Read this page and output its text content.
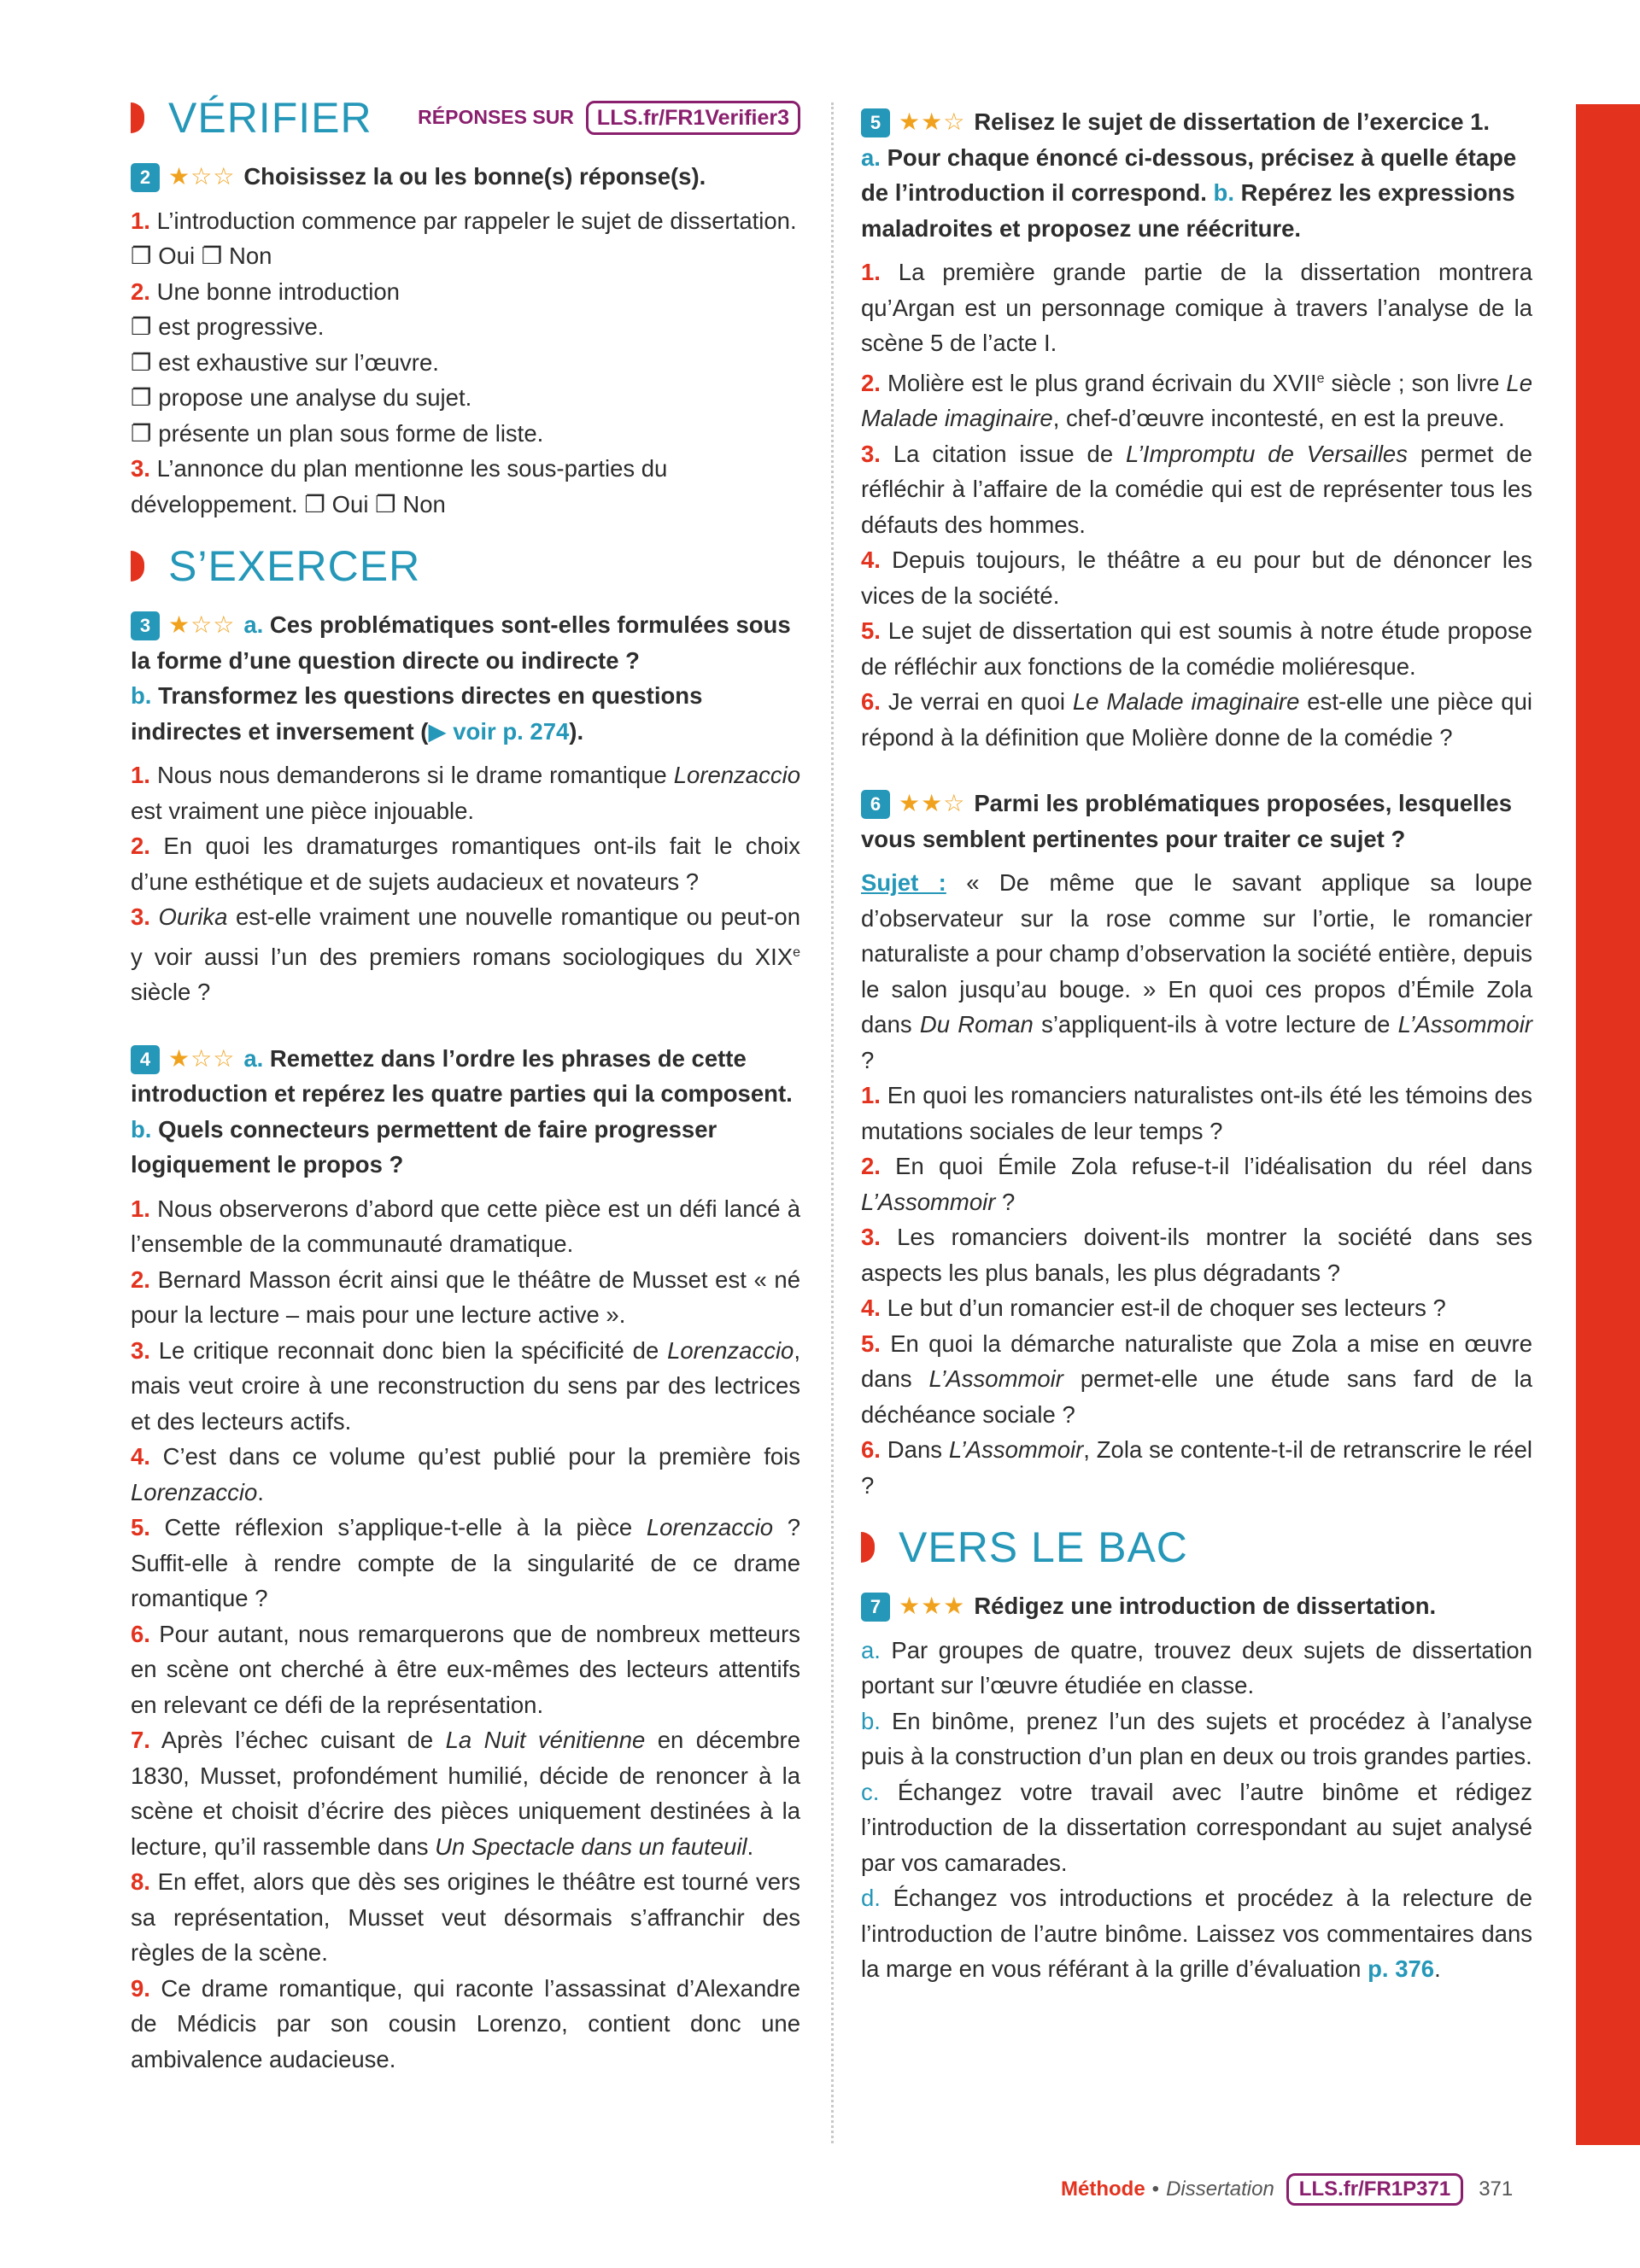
VÉRIFIER RÉPONSES SUR	LLS.fr/FR1Verifier3
2 ★☆☆ Choisissez la ou les bonne(s) réponse(s).

1. L’introduction commence par rappeler le sujet de dissertation. ❐ Oui ❐ Non

2. Une bonne introduction

❐ est progressive.

❐ est exhaustive sur l’œuvre.

❐ propose une analyse du sujet.

❐ présente un plan sous forme de liste.

3. L’annonce du plan mentionne les sous-parties du développement. ❐ Oui ❐ Non

S’EXERCER
3 ★☆☆ a. Ces problématiques sont-elles formulées sous la forme d’une question directe ou indirecte ?
b. Transformez les questions directes en questions indirectes et inversement (▶ voir p. 274).

1. Nous nous demanderons si le drame romantique Lorenzaccio est vraiment une pièce injouable.

2. En quoi les dramaturges romantiques ont-ils fait le choix d’une esthétique et de sujets audacieux et novateurs ?

3. Ourika est-elle vraiment une nouvelle romantique ou peut-on y voir aussi l’un des premiers romans sociologiques du XIXe siècle ?

4 ★☆☆ a. Remettez dans l’ordre les phrases de cette introduction et repérez les quatre parties qui la composent.
b. Quels connecteurs permettent de faire progresser logiquement le propos ?

1. Nous observerons d’abord que cette pièce est un défi lancé à l’ensemble de la communauté dramatique.

2. Bernard Masson écrit ainsi que le théâtre de Musset est « né pour la lecture – mais pour une lecture active ».

3. Le critique reconnait donc bien la spécificité de Lorenzaccio, mais veut croire à une reconstruction du sens par des lectrices et des lecteurs actifs.

4. C’est dans ce volume qu’est publié pour la première fois Lorenzaccio.

5. Cette réflexion s’applique-t-elle à la pièce Lorenzaccio ? Suffit-elle à rendre compte de la singularité de ce drame romantique ?

6. Pour autant, nous remarquerons que de nombreux metteurs en scène ont cherché à être eux-mêmes des lecteurs attentifs en relevant ce défi de la représentation.

7. Après l’échec cuisant de La Nuit vénitienne en décembre 1830, Musset, profondément humilié, décide de renoncer à la scène et choisit d’écrire des pièces uniquement destinées à la lecture, qu’il rassemble dans Un Spectacle dans un fauteuil.

8. En effet, alors que dès ses origines le théâtre est tourné vers sa représentation, Musset veut désormais s’affranchir des règles de la scène.

9. Ce drame romantique, qui raconte l’assassinat d’Alexandre de Médicis par son cousin Lorenzo, contient donc une ambivalence audacieuse.

5 ★★☆ Relisez le sujet de dissertation de l’exercice 1.
a. Pour chaque énoncé ci-dessous, précisez à quelle étape de l’introduction il correspond. b. Repérez les expressions maladroites et proposez une réécriture.

1. La première grande partie de la dissertation montrera qu’Argan est un personnage comique à travers l’analyse de la scène 5 de l’acte I.

2. Molière est le plus grand écrivain du XVIIe siècle ; son livre Le Malade imaginaire, chef-d’œuvre incontesté, en est la preuve.

3. La citation issue de L’Impromptu de Versailles permet de réfléchir à l’affaire de la comédie qui est de représenter tous les défauts des hommes.

4. Depuis toujours, le théâtre a eu pour but de dénoncer les vices de la société.

5. Le sujet de dissertation qui est soumis à notre étude propose de réfléchir aux fonctions de la comédie moliéresque.

6. Je verrai en quoi Le Malade imaginaire est-elle une pièce qui répond à la définition que Molière donne de la comédie ?

6 ★★☆ Parmi les problématiques proposées, lesquelles vous semblent pertinentes pour traiter ce sujet ?

Sujet : « De même que le savant applique sa loupe d’observateur sur la rose comme sur l’ortie, le romancier naturaliste a pour champ d’observation la société entière, depuis le salon jusqu’au bouge. » En quoi ces propos d’Émile Zola dans Du Roman s’appliquent-ils à votre lecture de L’Assommoir ?

1. En quoi les romanciers naturalistes ont-ils été les témoins des mutations sociales de leur temps ?

2. En quoi Émile Zola refuse-t-il l’idéalisation du réel dans L’Assommoir ?

3. Les romanciers doivent-ils montrer la société dans ses aspects les plus banals, les plus dégradants ?

4. Le but d’un romancier est-il de choquer ses lecteurs ?

5. En quoi la démarche naturaliste que Zola a mise en œuvre dans L’Assommoir permet-elle une étude sans fard de la déchéance sociale ?

6. Dans L’Assommoir, Zola se contente-t-il de retranscrire le réel ?

VERS LE BAC
7 ★★★ Rédigez une introduction de dissertation.

a. Par groupes de quatre, trouvez deux sujets de dissertation portant sur l’œuvre étudiée en classe.

b. En binôme, prenez l’un des sujets et procédez à l’analyse puis à la construction d’un plan en deux ou trois grandes parties.

c. Échangez votre travail avec l’autre binôme et rédigez l’introduction de la dissertation correspondant au sujet analysé par vos camarades.

d. Échangez vos introductions et procédez à la relecture de l’introduction de l’autre binôme. Laissez vos commentaires dans la marge en vous référant à la grille d’évaluation p. 376.

Méthode • Dissertation	LLS.fr/FR1P371	371
